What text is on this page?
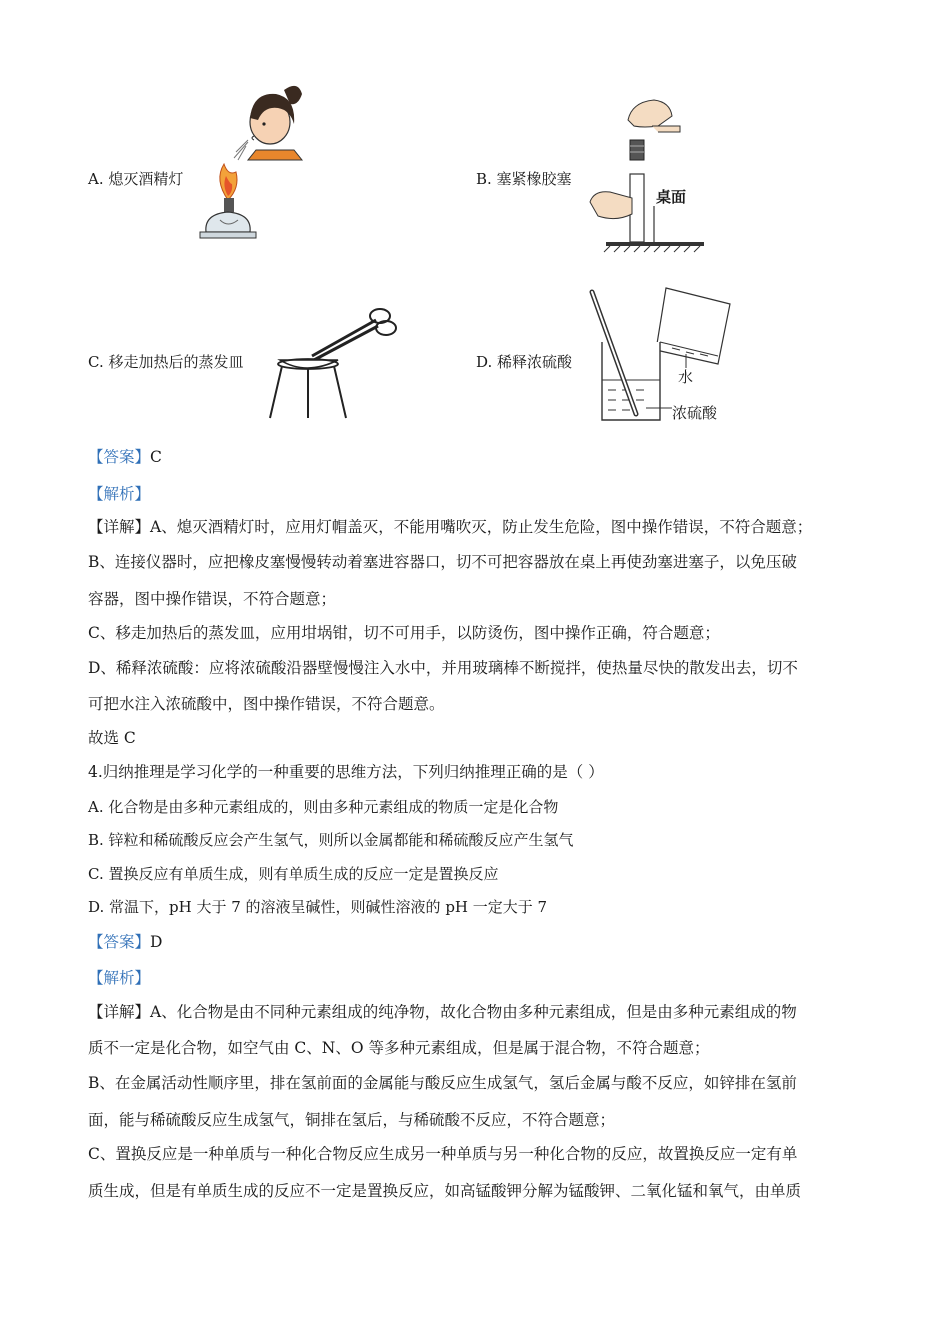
A. 熄灭酒精灯	B. 塞紧橡胶塞
C. 移走加热后的蒸发皿	D. 稀释浓硫酸
桌面
水
浓硫酸
【答案】C
【解析】
【详解】A、熄灭酒精灯时，应用灯帽盖灭，不能用嘴吹灭，防止发生危险，图中操作错误，不符合题意；
B、连接仪器时，应把橡皮塞慢慢转动着塞进容器口，切不可把容器放在桌上再使劲塞进塞子，以免压破
容器，图中操作错误，不符合题意；
C、移走加热后的蒸发皿，应用坩埚钳，切不可用手，以防烫伤，图中操作正确，符合题意；
D、稀释浓硫酸：应将浓硫酸沿器壁慢慢注入水中，并用玻璃棒不断搅拌，使热量尽快的散发出去，切不
可把水注入浓硫酸中，图中操作错误，不符合题意。
故选 C
4.归纳推理是学习化学的一种重要的思维方法，下列归纳推理正确的是（ ）
A. 化合物是由多种元素组成的，则由多种元素组成的物质一定是化合物
B. 锌粒和稀硫酸反应会产生氢气，则所以金属都能和稀硫酸反应产生氢气
C. 置换反应有单质生成，则有单质生成的反应一定是置换反应
D. 常温下，pH 大于 7 的溶液呈碱性，则碱性溶液的 pH 一定大于 7
【答案】D
【解析】
【详解】A、化合物是由不同种元素组成的纯净物，故化合物由多种元素组成，但是由多种元素组成的物
质不一定是化合物，如空气由 C、N、O 等多种元素组成，但是属于混合物，不符合题意；
B、在金属活动性顺序里，排在氢前面的金属能与酸反应生成氢气，氢后金属与酸不反应，如锌排在氢前
面，能与稀硫酸反应生成氢气，铜排在氢后，与稀硫酸不反应，不符合题意；
C、置换反应是一种单质与一种化合物反应生成另一种单质与另一种化合物的反应，故置换反应一定有单
质生成，但是有单质生成的反应不一定是置换反应，如高锰酸钾分解为锰酸钾、二氧化锰和氧气，由单质
